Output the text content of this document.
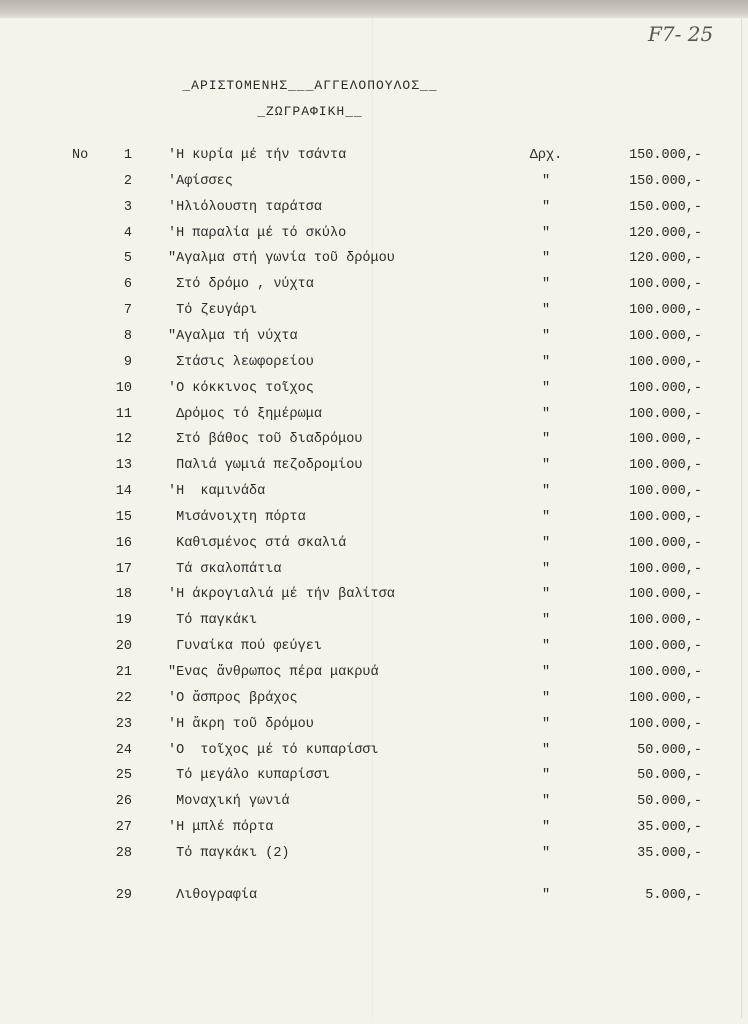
F7- 25
_ΑΡΙΣΤΟΜΕΝΗΣ___ΑΓΓΕΛΟΠΟΥΛΟΣ__
_ΖΩΓΡΑΦΙΚΗ__
No	1	'Η κυρία μέ τήν τσάντα	Δρχ.	150.000,-
2	'Αφίσσες	"	150.000,-
3	'Ηλιόλουστη ταράτσα	"	150.000,-
4	'Η παραλία μέ τό σκύλο	"	120.000,-
5	"Αγαλμα στή γωνία τοῦ δρόμου	"	120.000,-
6	Στό δρόμο , νύχτα	"	100.000,-
7	Τό ζευγάρι	"	100.000,-
8	"Αγαλμα τή νύχτα	"	100.000,-
9	Στάσις λεωφορείου	"	100.000,-
10	'Ο κόκκινος τοῖχος	"	100.000,-
11	Δρόμος τό ξημέρωμα	"	100.000,-
12	Στό βάθος τοῦ διαδρόμου	"	100.000,-
13	Παλιά γωμιά πεζοδρομίου	"	100.000,-
14	'Η  καμινάδα	"	100.000,-
15	Μισάνοιχτη πόρτα	"	100.000,-
16	Καθισμένος στά σκαλιά	"	100.000,-
17	Τά σκαλοπάτια	"	100.000,-
18	'Η άκρογιαλιά μέ τήν βαλίτσα	"	100.000,-
19	Τό παγκάκι	"	100.000,-
20	Γυναίκα πού φεύγει	"	100.000,-
21	"Ενας ἄνθρωπος πέρα μακρυά	"	100.000,-
22	'Ο ἄσπρος βράχος	"	100.000,-
23	'Η ἄκρη τοῦ δρόμου	"	100.000,-
24	'Ο  τοῖχος μέ τό κυπαρίσσι	"	50.000,-
25	Τό μεγάλο κυπαρίσσι	"	50.000,-
26	Μοναχική γωνιά	"	50.000,-
27	'Η μπλέ πόρτα	"	35.000,-
28	Τό παγκάκι (2)	"	35.000,-
29	Λιθογραφία	"	5.000,-
